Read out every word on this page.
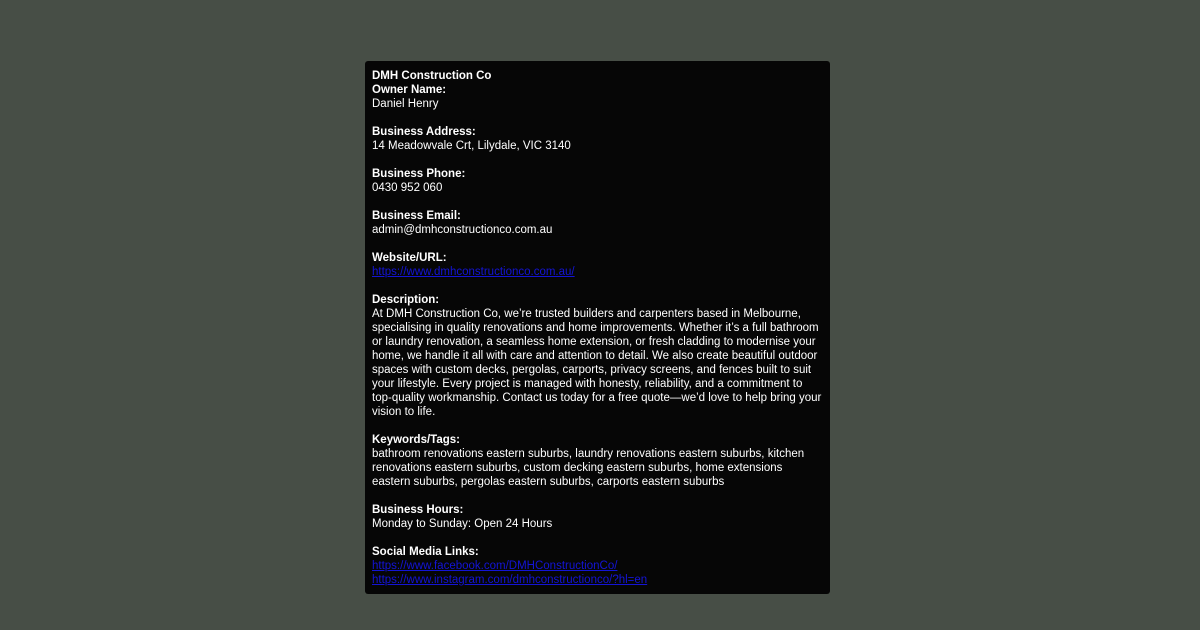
DMH Construction Co
Owner Name:
Daniel Henry
Business Address:
14 Meadowvale Crt, Lilydale, VIC 3140
Business Phone:
0430 952 060
Business Email:
admin@dmhconstructionco.com.au
Website/URL:
https://www.dmhconstructionco.com.au/
Description:

At DMH Construction Co, we’re trusted builders and carpenters based in Melbourne, specialising in quality renovations and home improvements. Whether it’s a full bathroom or laundry renovation, a seamless home extension, or fresh cladding to modernise your home, we handle it all with care and attention to detail. We also create beautiful outdoor spaces with custom decks, pergolas, carports, privacy screens, and fences built to suit your lifestyle. Every project is managed with honesty, reliability, and a commitment to top-quality workmanship. Contact us today for a free quote—we’d love to help bring your vision to life.

Keywords/Tags:
bathroom renovations eastern suburbs, laundry renovations eastern suburbs, kitchen renovations eastern suburbs, custom decking eastern suburbs, home extensions eastern suburbs, pergolas eastern suburbs, carports eastern suburbs
Business Hours:
Monday to Sunday: Open 24 Hours
Social Media Links:
https://www.facebook.com/DMHConstructionCo/
https://www.instagram.com/dmhconstructionco/?hl=en
